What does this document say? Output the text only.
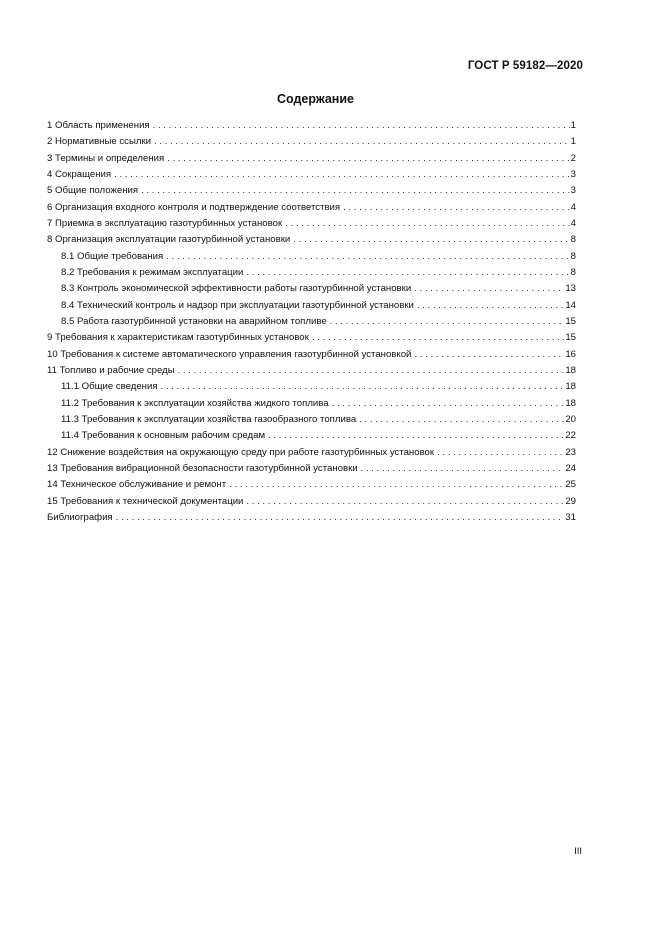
ГОСТ Р 59182—2020
Содержание
1 Область применения . . .	1
2 Нормативные ссылки . . .	1
3 Термины и определения . . .	2
4 Сокращения . . .	3
5 Общие положения . . .	3
6 Организация входного контроля и подтверждение соответствия . . .	4
7 Приемка в эксплуатацию газотурбинных установок . . .	4
8 Организация эксплуатации газотурбинной установки . . .	8
8.1 Общие требования . . .	8
8.2 Требования к режимам эксплуатации . . .	8
8.3 Контроль экономической эффективности работы газотурбинной установки . . .	13
8.4 Технический контроль и надзор при эксплуатации газотурбинной установки . . .	14
8.5 Работа газотурбинной установки на аварийном топливе . . .	15
9 Требования к характеристикам газотурбинных установок . . .	15
10 Требования к системе автоматического управления газотурбинной установкой . . .	16
11 Топливо и рабочие среды . . .	18
11.1 Общие сведения . . .	18
11.2 Требования к эксплуатации хозяйства жидкого топлива . . .	18
11.3 Требования к эксплуатации хозяйства газообразного топлива . . .	20
11.4 Требования к основным рабочим средам . . .	22
12 Снижение воздействия на окружающую среду при работе газотурбинных установок . . .	23
13 Требования вибрационной безопасности газотурбинной установки . . .	24
14 Техническое обслуживание и ремонт . . .	25
15 Требования к технической документации . . .	29
Библиография . . .	31
III
